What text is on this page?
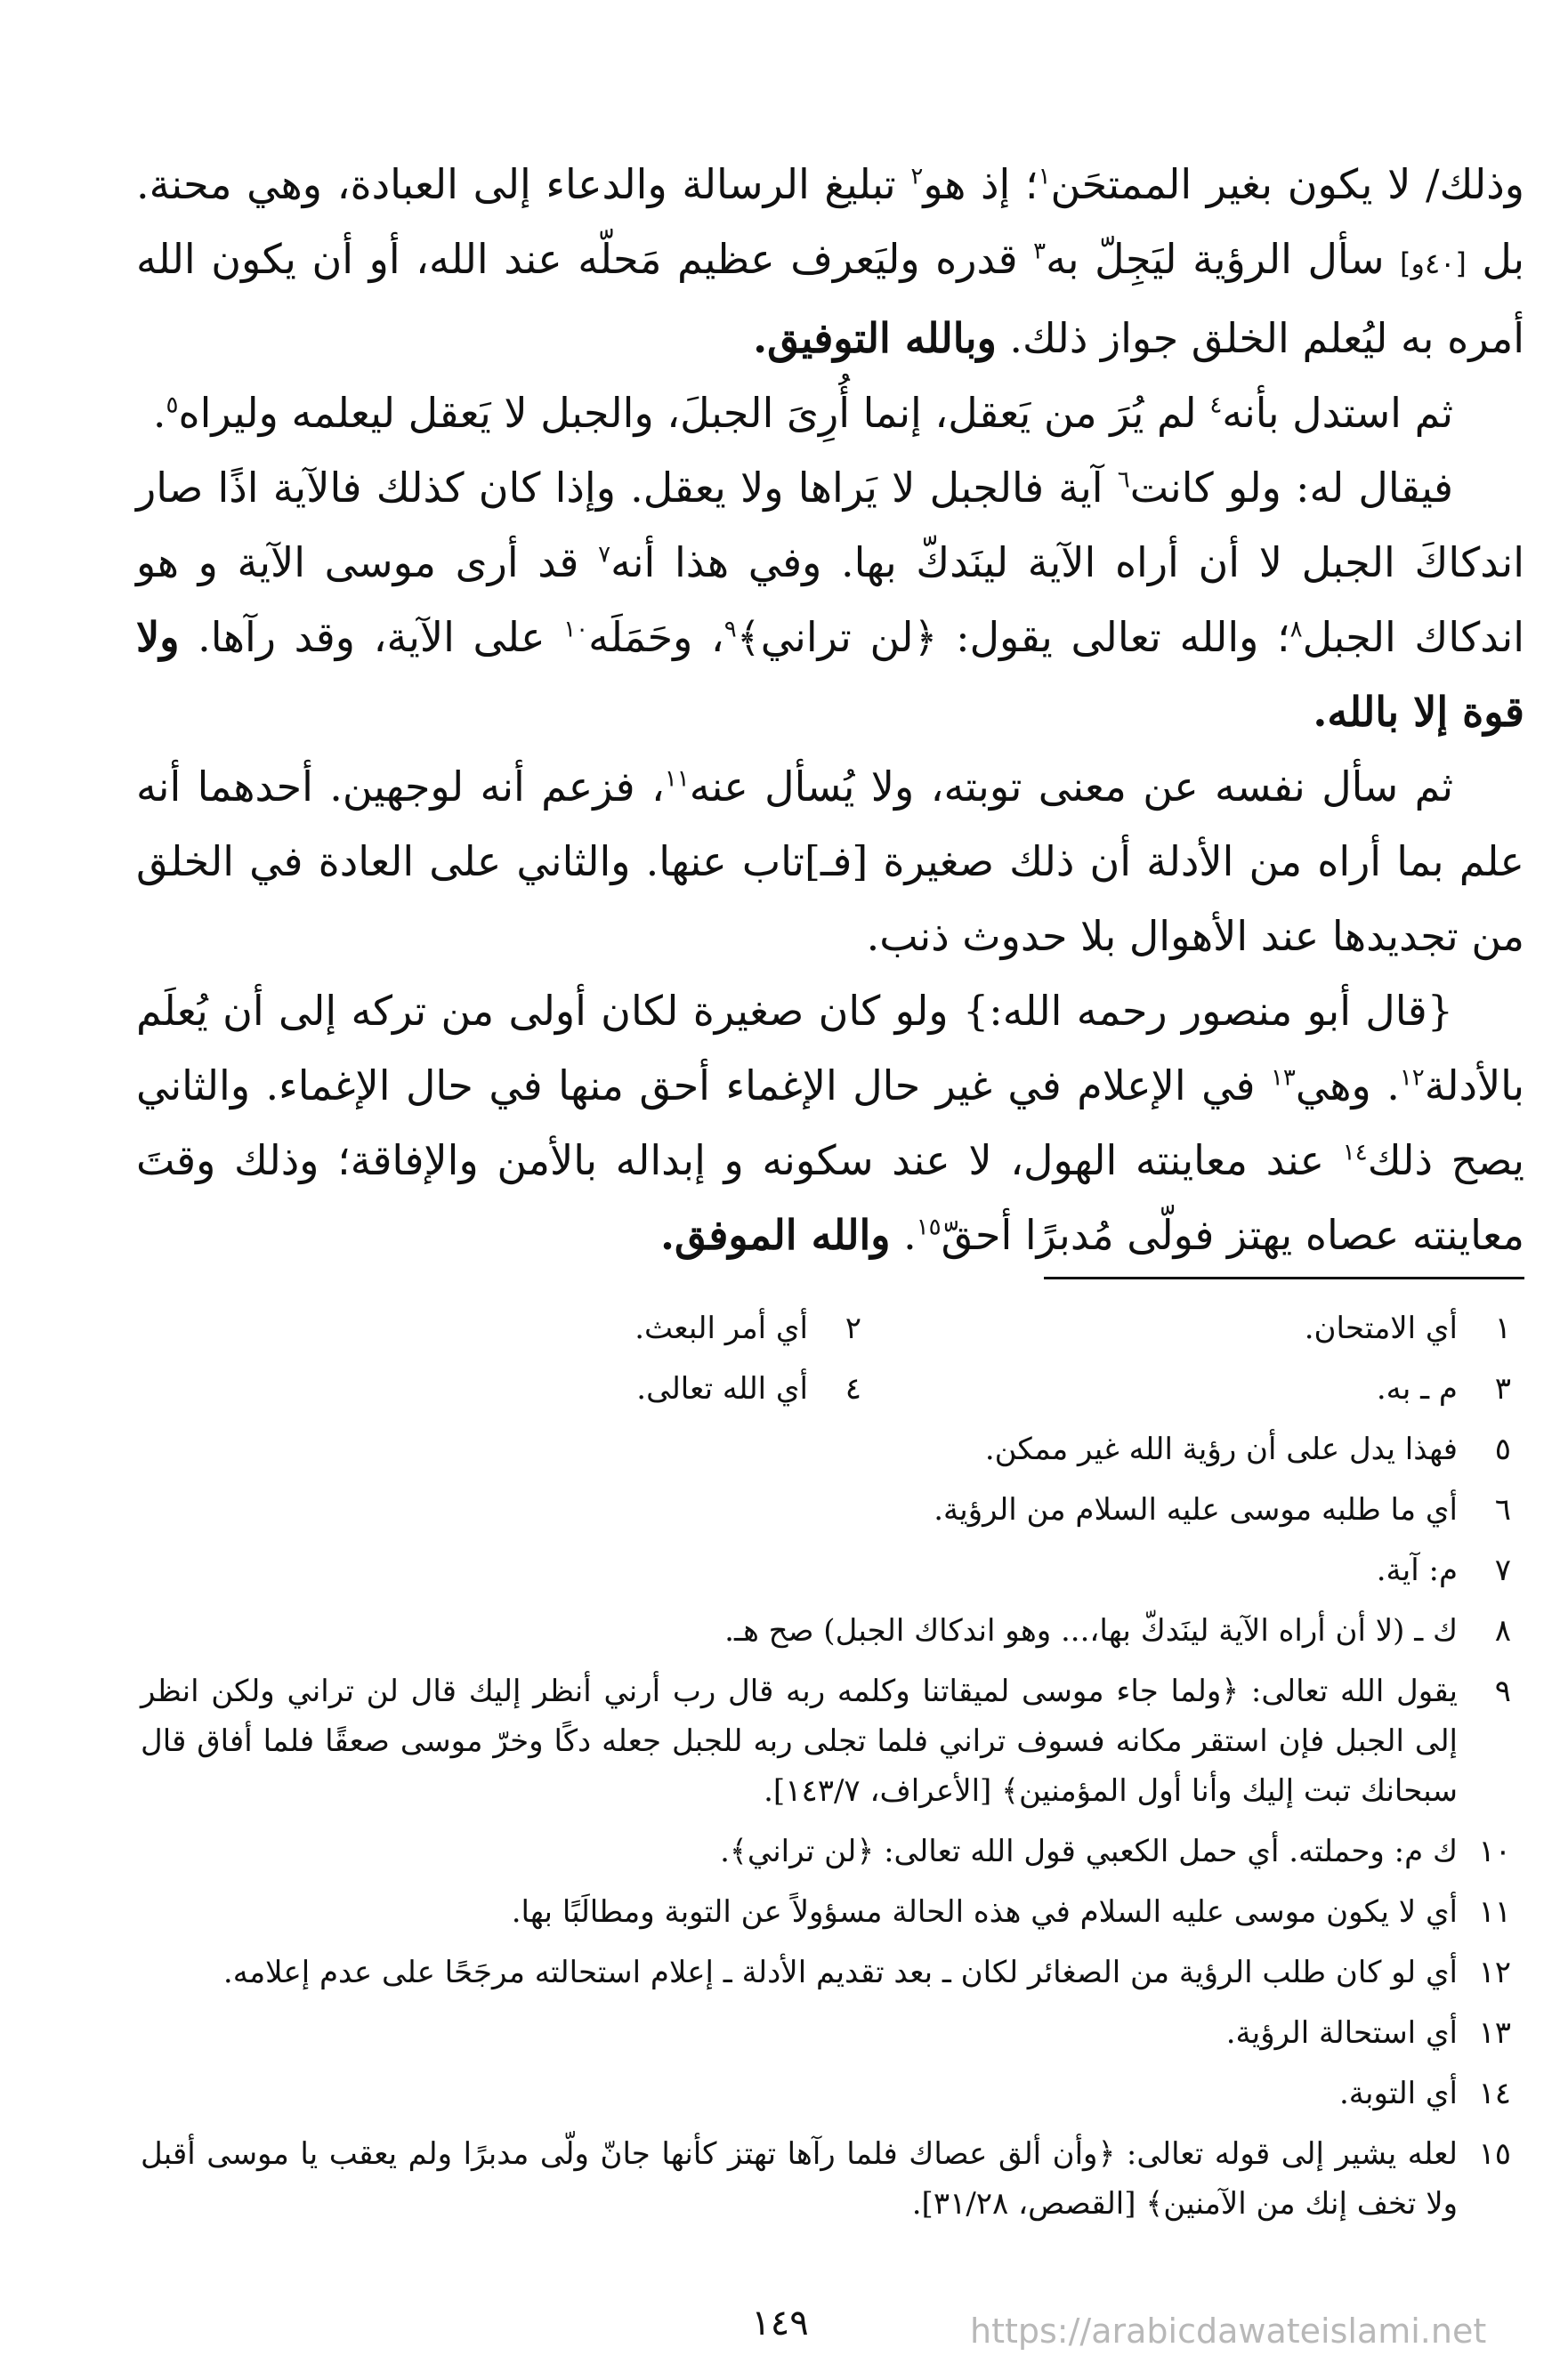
وذلك/ لا يكون بغير الممتحَن$^١$؛ إذ هو$^٢$ تبليغ الرسالة والدعاء إلى العبادة، وهي محنة. بل [٤٠و] سأل الرؤية ليَجِلّ به$^٣$ قدره وليَعرف عظيم مَحلّه عند الله، أو أن يكون الله أمره به ليُعلم الخلق جواز ذلك. وبالله التوفيق.

ثم استدل بأنه$^٤$ لم يُرَ من يَعقل، إنما أُرِىَ الجبلَ، والجبل لا يَعقل ليعلمه وليراه$^٥$.

فيقال له: ولو كانت$^٦$ آية فالجبل لا يَراها ولا يعقل. وإذا كان كذلك فالآية اذًا صار اندكاكَ الجبل لا أن أراه الآية لينَدكّ بها. وفي هذا أنه$^٧$ قد أرى موسى الآية و هو اندكاك الجبل$^٨$؛ والله تعالى يقول: ﴿لن تراني﴾$^٩$، وحَمَلَه$^{١٠}$ على الآية، وقد رآها. ولا قوة إلا بالله.

ثم سأل نفسه عن معنى توبته، ولا يُسأل عنه$^{١١}$، فزعم أنه لوجهين. أحدهما أنه علم بما أراه من الأدلة أن ذلك صغيرة [فـ]تاب عنها. والثاني على العادة في الخلق من تجديدها عند الأهوال بلا حدوث ذنب.

{قال أبو منصور رحمه الله:} ولو كان صغيرة لكان أولى من تركه إلى أن يُعلَم بالأدلة$^{١٢}$. وهي$^{١٣}$ في الإعلام في غير حال الإغماء أحق منها في حال الإغماء. والثاني يصح ذلك$^{١٤}$ عند معاينته الهول، لا عند سكونه و إبداله بالأمن والإفاقة؛ وذلك وقتَ معاينته عصاه يهتز فولّى مُدبرًا أحقّ$^{١٥}$. والله الموفق.

١
أي الامتحان.
٢
أي أمر البعث.
٣
م ـ به.
٤
أي الله تعالى.
٥
فهذا يدل على أن رؤية الله غير ممكن.
٦
أي ما طلبه موسى عليه السلام من الرؤية.
٧
م: آية.
٨
ك ـ (لا أن أراه الآية لينَدكّ بها،... وهو اندكاك الجبل) صح هـ.
٩
يقول الله تعالى: ﴿ولما جاء موسى لميقاتنا وكلمه ربه قال رب أرني أنظر إليك قال لن تراني ولكن انظر إلى الجبل فإن استقر مكانه فسوف تراني فلما تجلى ربه للجبل جعله دكًا وخرّ موسى صعقًا فلما أفاق قال سبحانك تبت إليك وأنا أول المؤمنين﴾ [الأعراف، ١٤٣/٧].
١٠
ك م: وحملته. أي حمل الكعبي قول الله تعالى: ﴿لن تراني﴾.
١١
أي لا يكون موسى عليه السلام في هذه الحالة مسؤولاً عن التوبة ومطالَبًا بها.
١٢
أي لو كان طلب الرؤية من الصغائر لكان ـ بعد تقديم الأدلة ـ إعلام استحالته مرجَحًا على عدم إعلامه.
١٣
أي استحالة الرؤية.
١٤
أي التوبة.
١٥
لعله يشير إلى قوله تعالى: ﴿وأن ألق عصاك فلما رآها تهتز كأنها جانّ ولّى مدبرًا ولم يعقب يا موسى أقبل ولا تخف إنك من الآمنين﴾ [القصص، ٣١/٢٨].
١٤٩	https://arabicdawateislami.net
